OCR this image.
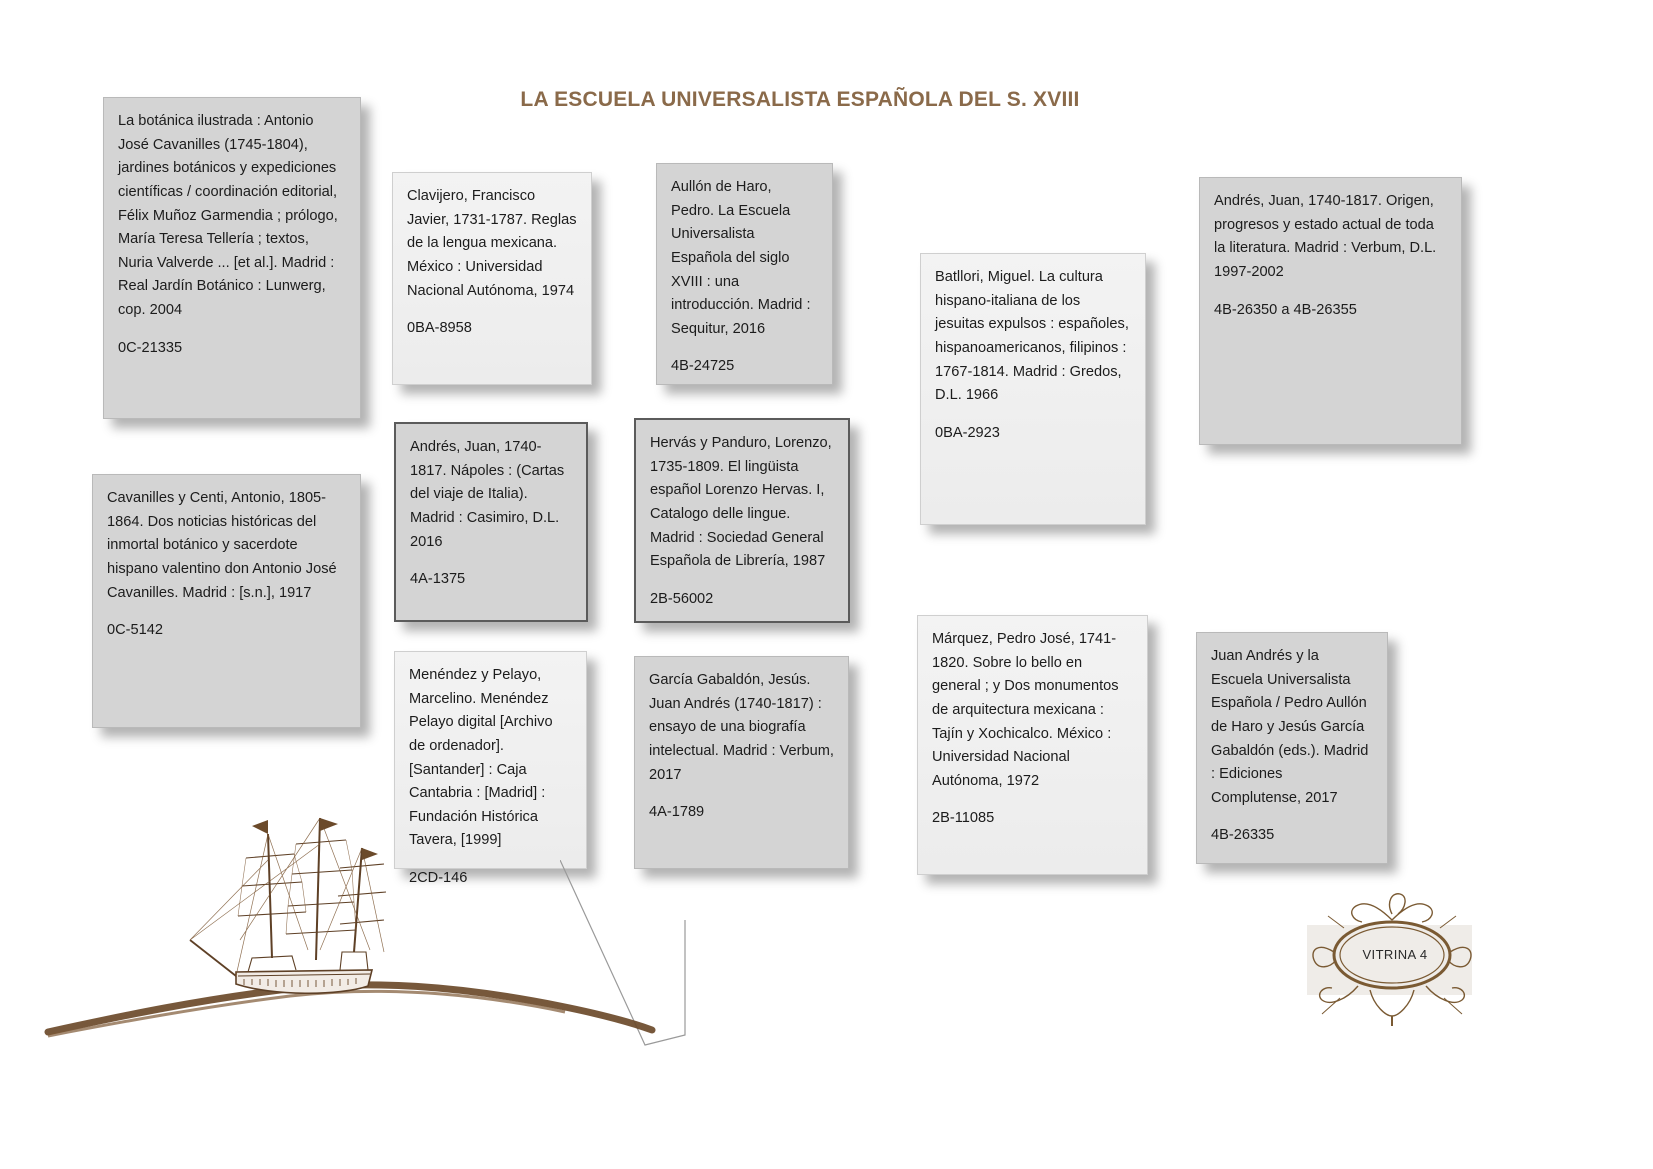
LA ESCUELA UNIVERSALISTA ESPAÑOLA DEL S. XVIII

La botánica ilustrada : Antonio José Cavanilles (1745-1804), jardines botánicos y expediciones científicas / coordinación editorial, Félix Muñoz Garmendia ; prólogo, María Teresa Tellería ; textos, Nuria Valverde ... [et al.]. Madrid : Real Jardín Botánico : Lunwerg, cop. 2004

0C-21335

Clavijero, Francisco Javier, 1731-1787. Reglas de la lengua mexicana. México : Universidad Nacional Autónoma, 1974

0BA-8958

Aullón de Haro, Pedro. La Escuela Universalista Española del siglo XVIII : una introducción. Madrid : Sequitur, 2016

4B-24725

Batllori, Miguel. La cultura hispano-italiana de los jesuitas expulsos : españoles, hispanoamericanos, filipinos : 1767-1814. Madrid : Gredos, D.L. 1966

0BA-2923

Andrés, Juan, 1740-1817. Origen, progresos y estado actual de toda la literatura. Madrid : Verbum, D.L. 1997-2002

4B-26350 a 4B-26355

Cavanilles y Centi, Antonio, 1805-1864. Dos noticias históricas del inmortal botánico y sacerdote hispano valentino don Antonio José Cavanilles. Madrid : [s.n.], 1917

0C-5142

Andrés, Juan, 1740-1817. Nápoles : (Cartas del viaje de Italia). Madrid : Casimiro, D.L. 2016

4A-1375

Hervás y Panduro, Lorenzo, 1735-1809. El lingüista español Lorenzo Hervas. I, Catalogo delle lingue. Madrid : Sociedad General Española de Librería, 1987

2B-56002

Menéndez y Pelayo, Marcelino. Menéndez Pelayo digital [Archivo de ordenador]. [Santander] : Caja Cantabria : [Madrid] : Fundación Histórica Tavera, [1999]

2CD-146

García Gabaldón, Jesús. Juan Andrés (1740-1817) : ensayo de una biografía intelectual. Madrid : Verbum, 2017

4A-1789

Márquez, Pedro José, 1741-1820. Sobre lo bello en general ; y Dos monumentos de arquitectura mexicana : Tajín y Xochicalco. México : Universidad Nacional Autónoma, 1972

2B-11085

Juan Andrés y la Escuela Universalista Española / Pedro Aullón de Haro y Jesús García Gabaldón (eds.). Madrid : Ediciones Complutense, 2017

4B-26335
VITRINA 4
